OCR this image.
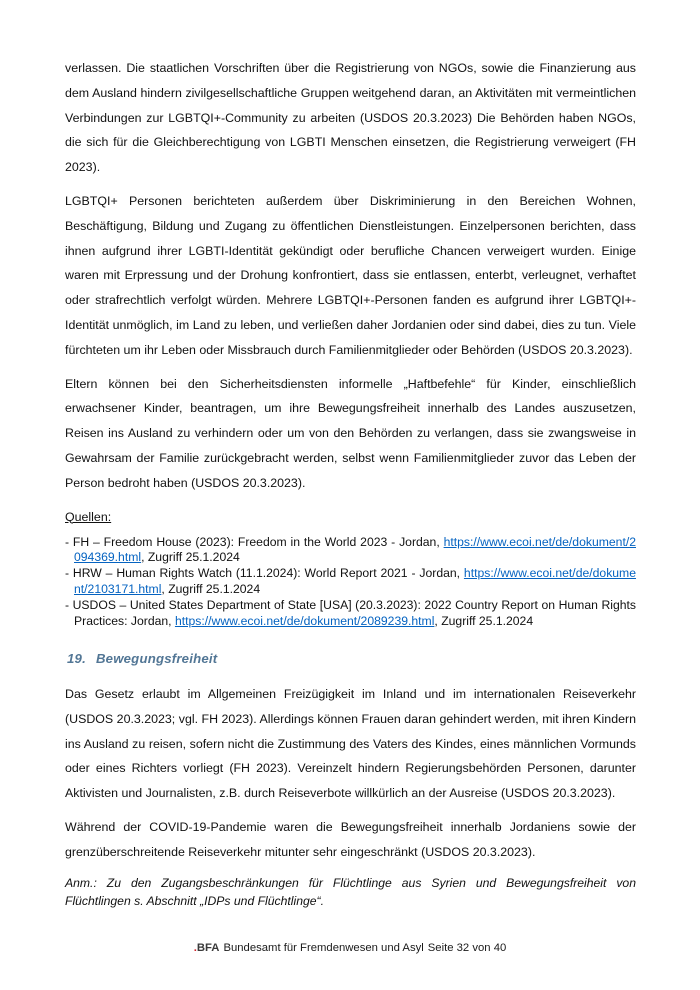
verlassen. Die staatlichen Vorschriften über die Registrierung von NGOs, sowie die Finanzierung aus dem Ausland hindern zivilgesellschaftliche Gruppen weitgehend daran, an Aktivitäten mit vermeintlichen Verbindungen zur LGBTQI+-Community zu arbeiten (USDOS 20.3.2023) Die Behörden haben NGOs, die sich für die Gleichberechtigung von LGBTI Menschen einsetzen, die Registrierung verweigert (FH 2023).

LGBTQI+ Personen berichteten außerdem über Diskriminierung in den Bereichen Wohnen, Beschäftigung, Bildung und Zugang zu öffentlichen Dienstleistungen. Einzelpersonen berichten, dass ihnen aufgrund ihrer LGBTI-Identität gekündigt oder berufliche Chancen verweigert wurden. Einige waren mit Erpressung und der Drohung konfrontiert, dass sie entlassen, enterbt, verleugnet, verhaftet oder strafrechtlich verfolgt würden. Mehrere LGBTQI+-Personen fanden es aufgrund ihrer LGBTQI+-Identität unmöglich, im Land zu leben, und verließen daher Jordanien oder sind dabei, dies zu tun. Viele fürchteten um ihr Leben oder Missbrauch durch Familienmitglieder oder Behörden (USDOS 20.3.2023).

Eltern können bei den Sicherheitsdiensten informelle „Haftbefehle“ für Kinder, einschließlich erwachsener Kinder, beantragen, um ihre Bewegungsfreiheit innerhalb des Landes auszusetzen, Reisen ins Ausland zu verhindern oder um von den Behörden zu verlangen, dass sie zwangsweise in Gewahrsam der Familie zurückgebracht werden, selbst wenn Familienmitglieder zuvor das Leben der Person bedroht haben (USDOS 20.3.2023).

Quellen:

- FH – Freedom House (2023): Freedom in the World 2023 - Jordan, https://www.ecoi.net/de/dokument/2094369.html, Zugriff 25.1.2024
- HRW – Human Rights Watch (11.1.2024): World Report 2021 - Jordan, https://www.ecoi.net/de/dokument/2103171.html, Zugriff 25.1.2024
- USDOS – United States Department of State [USA] (20.3.2023): 2022 Country Report on Human Rights Practices: Jordan, https://www.ecoi.net/de/dokument/2089239.html, Zugriff 25.1.2024
19. Bewegungsfreiheit

Das Gesetz erlaubt im Allgemeinen Freizügigkeit im Inland und im internationalen Reiseverkehr (USDOS 20.3.2023; vgl. FH 2023). Allerdings können Frauen daran gehindert werden, mit ihren Kindern ins Ausland zu reisen, sofern nicht die Zustimmung des Vaters des Kindes, eines männlichen Vormunds oder eines Richters vorliegt (FH 2023). Vereinzelt hindern Regierungsbehörden Personen, darunter Aktivisten und Journalisten, z.B. durch Reiseverbote willkürlich an der Ausreise (USDOS 20.3.2023).

Während der COVID-19-Pandemie waren die Bewegungsfreiheit innerhalb Jordaniens sowie der grenzüberschreitende Reiseverkehr mitunter sehr eingeschränkt (USDOS 20.3.2023).

Anm.: Zu den Zugangsbeschränkungen für Flüchtlinge aus Syrien und Bewegungsfreiheit von Flüchtlingen s. Abschnitt „IDPs und Flüchtlinge“.

.BFA Bundesamt für Fremdenwesen und Asyl Seite 32 von 40
